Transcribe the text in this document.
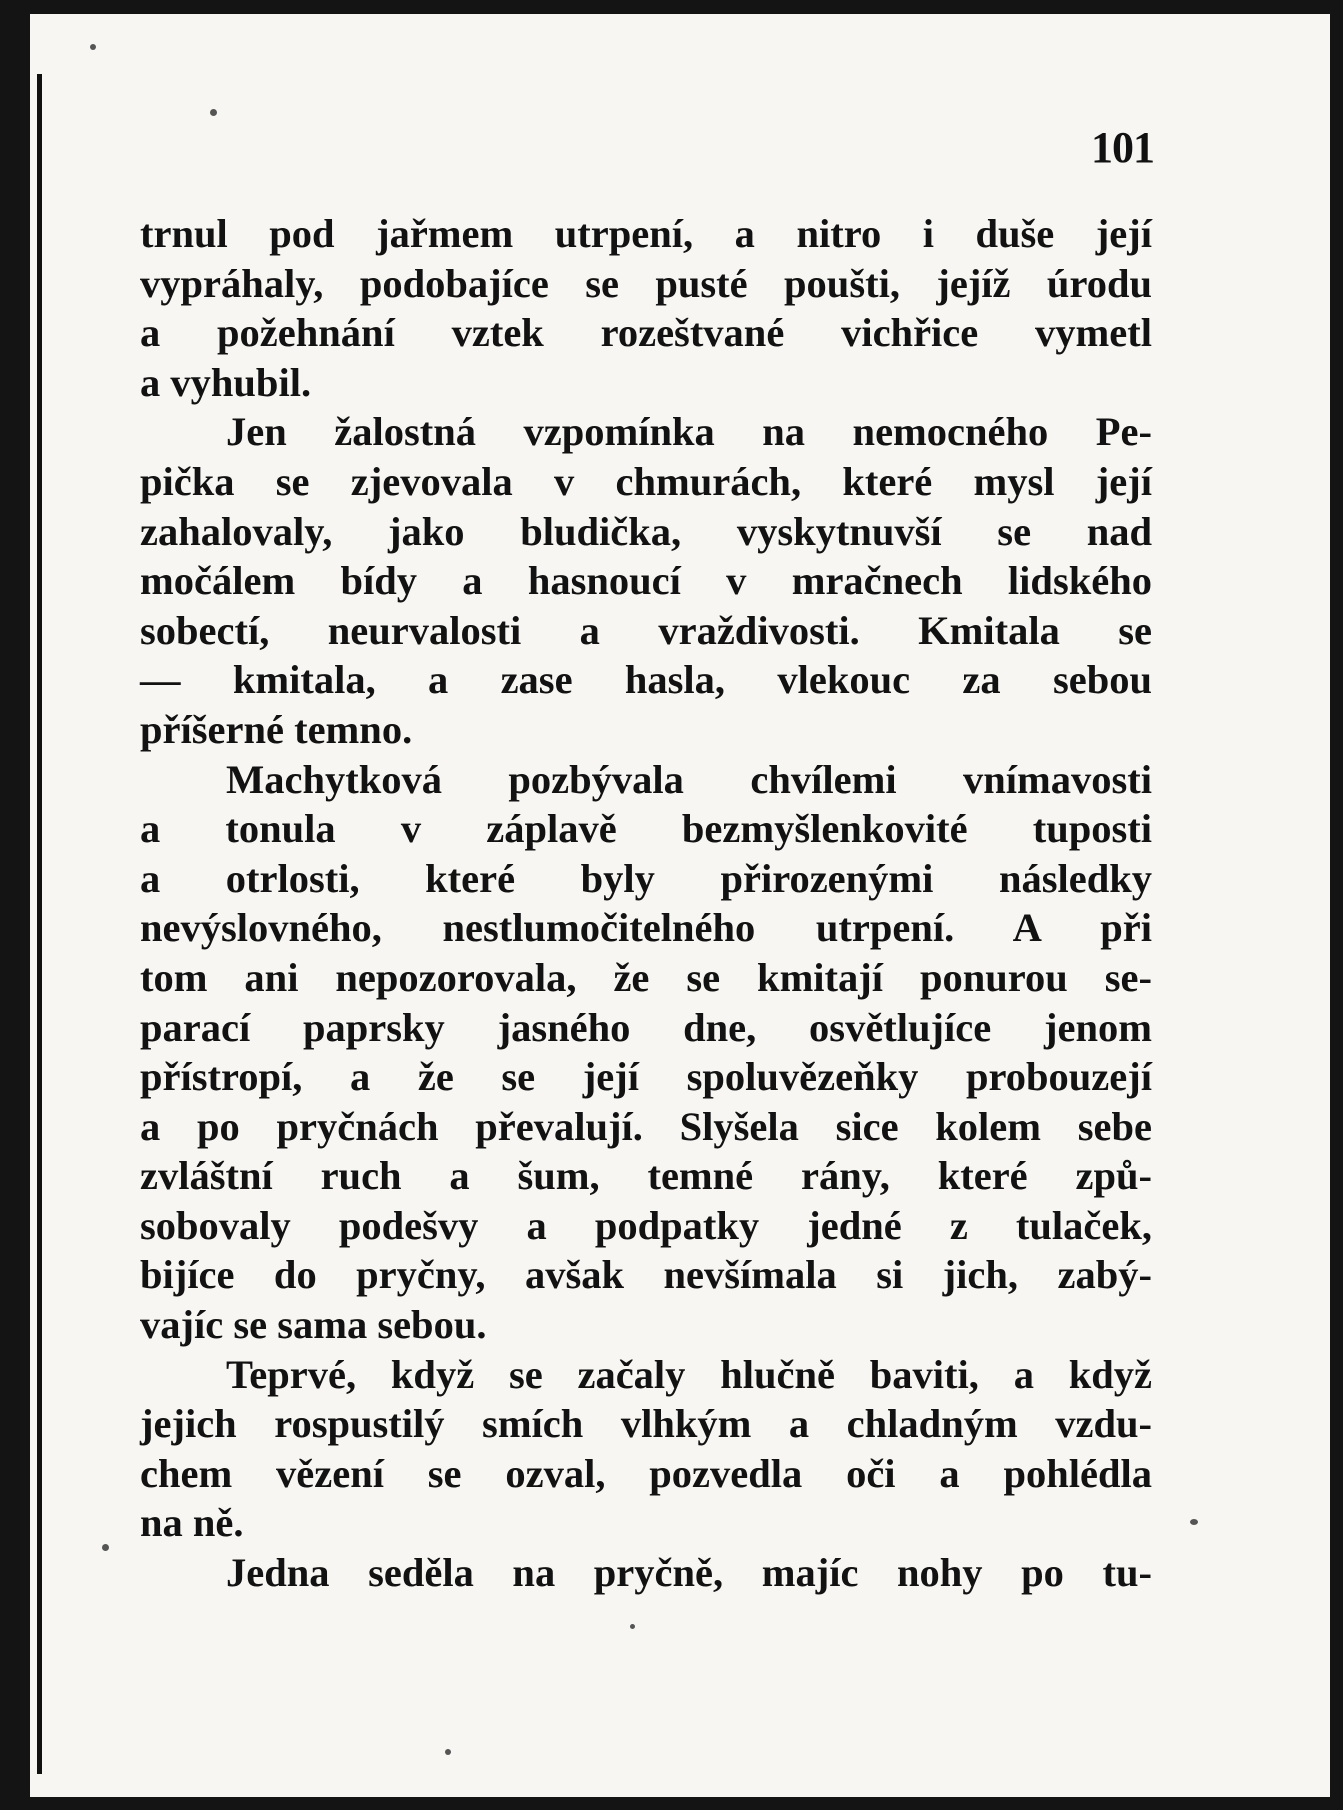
101
trnul pod jařmem utrpení, a nitro i duše její
vypráhaly, podobajíce se pusté poušti, jejíž úrodu
a požehnání vztek rozeštvané vichřice vymetl
a vyhubil.
Jen žalostná vzpomínka na nemocného Pe-
pička se zjevovala v chmurách, které mysl její
zahalovaly, jako bludička, vyskytnuvší se nad
močálem bídy a hasnoucí v mračnech lidského
sobectí, neurvalosti a vraždivosti. Kmitala se
— kmitala, a zase hasla, vlekouc za sebou
příšerné temno.
Machytková pozbývala chvílemi vnímavosti
a tonula v záplavě bezmyšlenkovité tuposti
a otrlosti, které byly přirozenými následky
nevýslovného, nestlumočitelného utrpení. A při
tom ani nepozorovala, že se kmitají ponurou se-
parací paprsky jasného dne, osvětlujíce jenom
přístropí, a že se její spoluvězeňky probouzejí
a po pryčnách převalují. Slyšela sice kolem sebe
zvláštní ruch a šum, temné rány, které způ-
sobovaly podešvy a podpatky jedné z tulaček,
bijíce do pryčny, avšak nevšímala si jich, zabý-
vajíc se sama sebou.
Teprvé, když se začaly hlučně baviti, a když
jejich rospustilý smích vlhkým a chladným vzdu-
chem vězení se ozval, pozvedla oči a pohlédla
na ně.
Jedna seděla na pryčně, majíc nohy po tu-
